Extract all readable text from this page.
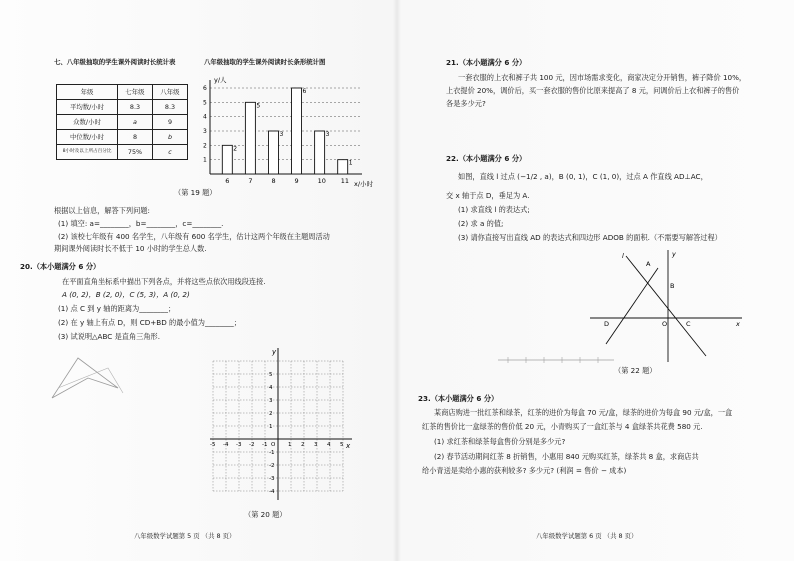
七、八年级抽取的学生课外阅读时长统计表	八年级抽取的学生课外阅读时长条形统计图
年级	七年级	八年级
平均数/小时	8.3	8.3
众数/小时	a	9
中位数/小时	8	b
8小时及以上所占百分比	75%	c
1
2
3
4
5
6
2
6
5
7
3
8
6
9
3
10
1
11
y/人
x/小时
（第 19 题）
根据以上信息，解答下列问题:
(1) 填空: a=________，b=________，c=________.
(2) 该校七年级有 400 名学生，八年级有 600 名学生，估计这两个年级在主题周活动
期间课外阅读时长不低于 10 小时的学生总人数.
20.（本小题满分 6 分）
在平面直角坐标系中描出下列各点，并将这些点依次用线段连接.
A (0, 2)，B (2, 0)，C (5, 3)，A (0, 2)
(1) 点 C 到 y 轴的距离为________；
(2) 在 y 轴上有点 D，则 CD+BD 的最小值为________；
(3) 试说明△ABC 是直角三角形.
y
x
-5 -4 -3 -2 -1	1 2 3 4 5
-4
-3
-2
-1
1
2
3
4
5
O
（第 20 题）
八年级数学试题第 5 页 （共 8 页）
21.（本小题满分 6 分）
一套衣服的上衣和裤子共 100 元，因市场需求变化，商家决定分开销售，裤子降价 10%，
上衣提价 20%，调价后，买一套衣服的售价比原来提高了 8 元，问调价后上衣和裤子的售价
各是多少元?
22.（本小题满分 6 分）
如图，直线 l 过点 (−1/2 , a)，B (0, 1)，C (1, 0)，过点 A 作直线 AD⊥AC，
交 x 轴于点 D，垂足为 A.
(1) 求直线 l 的表达式;
(2) 求 a 的值;
(3) 请你直接写出直线 AD 的表达式和四边形 ADOB 的面积.（不需要写解答过程）
l
A
B
D	O	C	x
y
（第 22 题）
23.（本小题满分 6 分）
某商店购进一批红茶和绿茶，红茶的进价为每盒 70 元/盒，绿茶的进价为每盒 90 元/盒，一盒
红茶的售价比一盒绿茶的售价低 20 元，小青购买了一盒红茶与 4 盒绿茶共花费 580 元.
(1) 求红茶和绿茶每盒售价分别是多少元?
(2) 春节活动期间红茶 8 折销售，小惠用 840 元购买红茶，绿茶共 8 盒，求商店共
给小青送是卖给小惠的获利较多? 多少元? (利润 = 售价 − 成本)
八年级数学试题第 6 页 （共 8 页）
